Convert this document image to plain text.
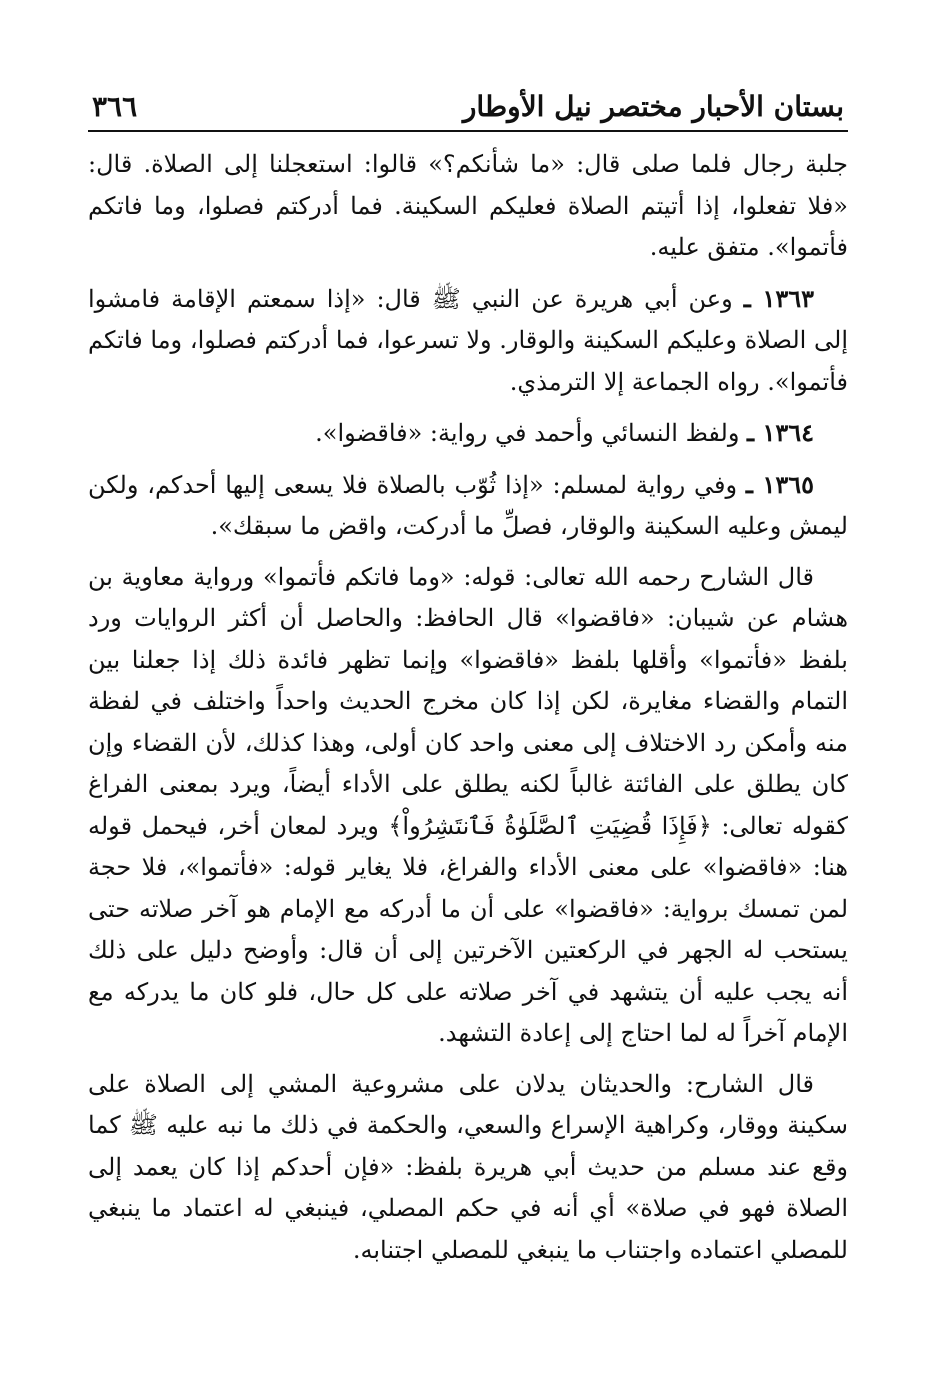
بستان الأحبار مختصر نيل الأوطار
٣٦٦

جلبة رجال فلما صلى قال: «ما شأنكم؟» قالوا: استعجلنا إلى الصلاة. قال: «فلا تفعلوا، إذا أتيتم الصلاة فعليكم السكينة. فما أدركتم فصلوا، وما فاتكم فأتموا». متفق عليه.

١٣٦٣ ـ وعن أبي هريرة عن النبي ﷺ قال: «إذا سمعتم الإقامة فامشوا إلى الصلاة وعليكم السكينة والوقار. ولا تسرعوا، فما أدركتم فصلوا، وما فاتكم فأتموا». رواه الجماعة إلا الترمذي.

١٣٦٤ ـ ولفظ النسائي وأحمد في رواية: «فاقضوا».

١٣٦٥ ـ وفي رواية لمسلم: «إذا ثُوّب بالصلاة فلا يسعى إليها أحدكم، ولكن ليمش وعليه السكينة والوقار، فصلِّ ما أدركت، واقض ما سبقك».

قال الشارح رحمه الله تعالى: قوله: «وما فاتكم فأتموا» ورواية معاوية بن هشام عن شيبان: «فاقضوا» قال الحافظ: والحاصل أن أكثر الروايات ورد بلفظ «فأتموا» وأقلها بلفظ «فاقضوا» وإنما تظهر فائدة ذلك إذا جعلنا بين التمام والقضاء مغايرة، لكن إذا كان مخرج الحديث واحداً واختلف في لفظة منه وأمكن رد الاختلاف إلى معنى واحد كان أولى، وهذا كذلك، لأن القضاء وإن كان يطلق على الفائتة غالباً لكنه يطلق على الأداء أيضاً، ويرد بمعنى الفراغ كقوله تعالى: ﴿فَإِذَا قُضِيَتِ ٱلصَّلَوٰةُ فَٱنتَشِرُواْ﴾ ويرد لمعان أخر، فيحمل قوله هنا: «فاقضوا» على معنى الأداء والفراغ، فلا يغاير قوله: «فأتموا»، فلا حجة لمن تمسك برواية: «فاقضوا» على أن ما أدركه مع الإمام هو آخر صلاته حتى يستحب له الجهر في الركعتين الآخرتين إلى أن قال: وأوضح دليل على ذلك أنه يجب عليه أن يتشهد في آخر صلاته على كل حال، فلو كان ما يدركه مع الإمام آخراً له لما احتاج إلى إعادة التشهد.

قال الشارح: والحديثان يدلان على مشروعية المشي إلى الصلاة على سكينة ووقار، وكراهية الإسراع والسعي، والحكمة في ذلك ما نبه عليه ﷺ كما وقع عند مسلم من حديث أبي هريرة بلفظ: «فإن أحدكم إذا كان يعمد إلى الصلاة فهو في صلاة» أي أنه في حكم المصلي، فينبغي له اعتماد ما ينبغي للمصلي اعتماده واجتناب ما ينبغي للمصلي اجتنابه.
